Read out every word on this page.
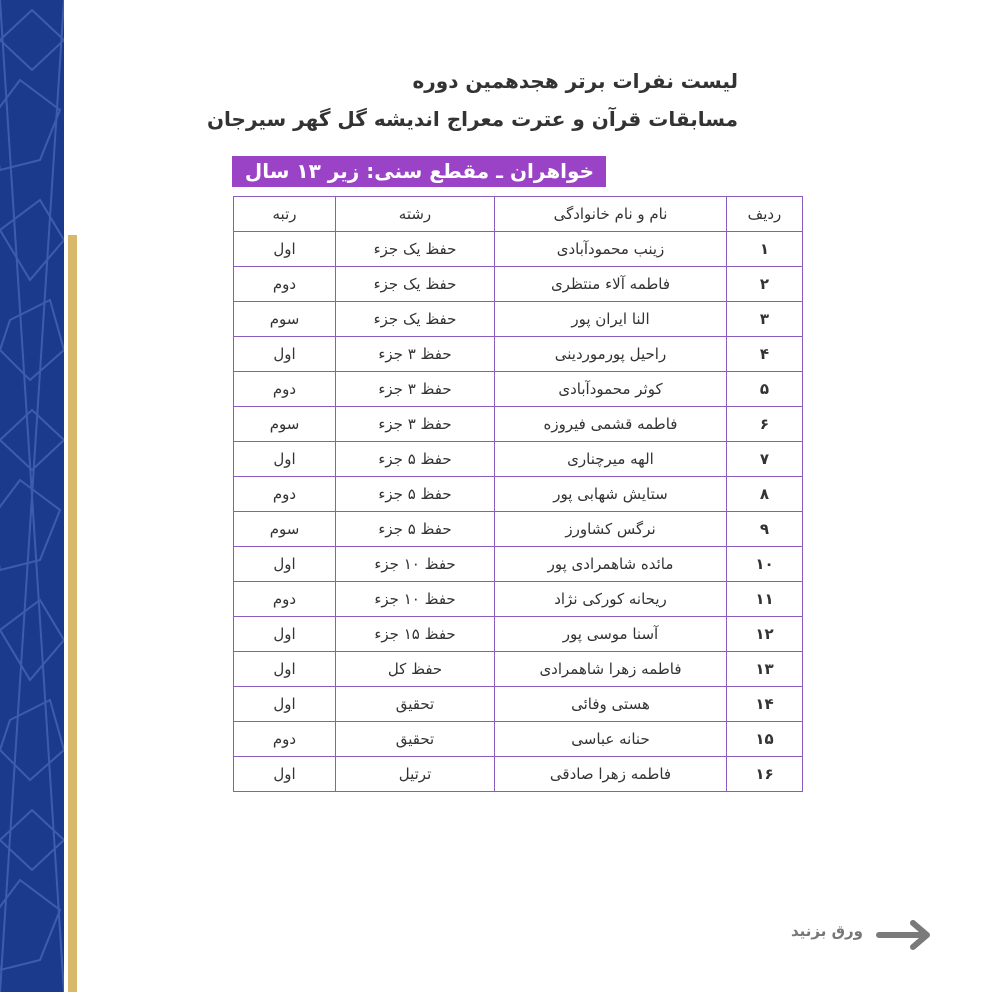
لیست نفرات برتر هجدهمین دوره
مسابقات قرآن و عترت معراج اندیشه گل گهر سیرجان
خواهران ـ مقطع سنی: زیر ۱۳ سال
ردیف	نام و نام خانوادگی	رشته	رتبه
۱	زینب محمودآبادی	حفظ یک جزء	اول
۲	فاطمه آلاء منتظری	حفظ یک جزء	دوم
۳	النا ایران پور	حفظ یک جزء	سوم
۴	راحیل پورموردینی	حفظ ۳ جزء	اول
۵	کوثر محمودآبادی	حفظ ۳ جزء	دوم
۶	فاطمه قشمی فیروزه	حفظ ۳ جزء	سوم
۷	الهه میرچناری	حفظ ۵ جزء	اول
۸	ستایش شهابی پور	حفظ ۵ جزء	دوم
۹	نرگس کشاورز	حفظ ۵ جزء	سوم
۱۰	مائده شاهمرادی پور	حفظ ۱۰ جزء	اول
۱۱	ریحانه کورکی نژاد	حفظ ۱۰ جزء	دوم
۱۲	آسنا موسی پور	حفظ ۱۵ جزء	اول
۱۳	فاطمه زهرا شاهمرادی	حفظ کل	اول
۱۴	هستی وفائی	تحقیق	اول
۱۵	حنانه عباسی	تحقیق	دوم
۱۶	فاطمه زهرا صادقی	ترتیل	اول
ورق بزنید
